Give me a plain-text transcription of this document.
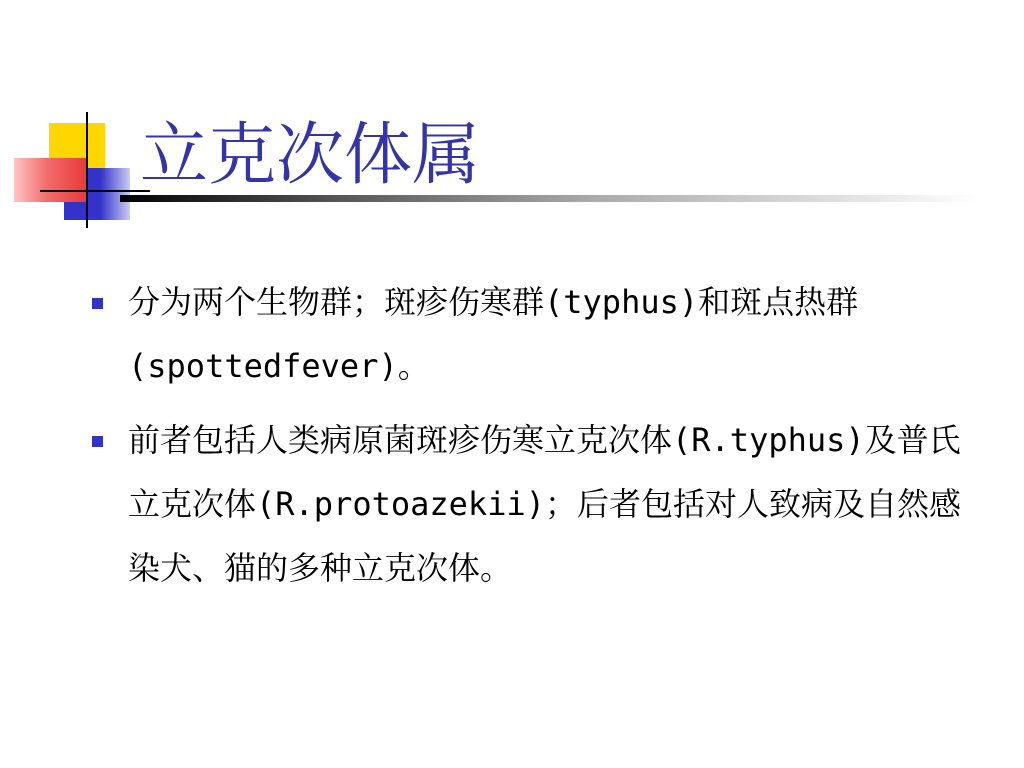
立克次体属
分为两个生物群；斑疹伤寒群(typhus)和斑点热群(spottedfever)。
前者包括人类病原菌斑疹伤寒立克次体(R.typhus)及普氏立克次体(R.protoazekii)；后者包括对人致病及自然感染犬、猫的多种立克次体。
